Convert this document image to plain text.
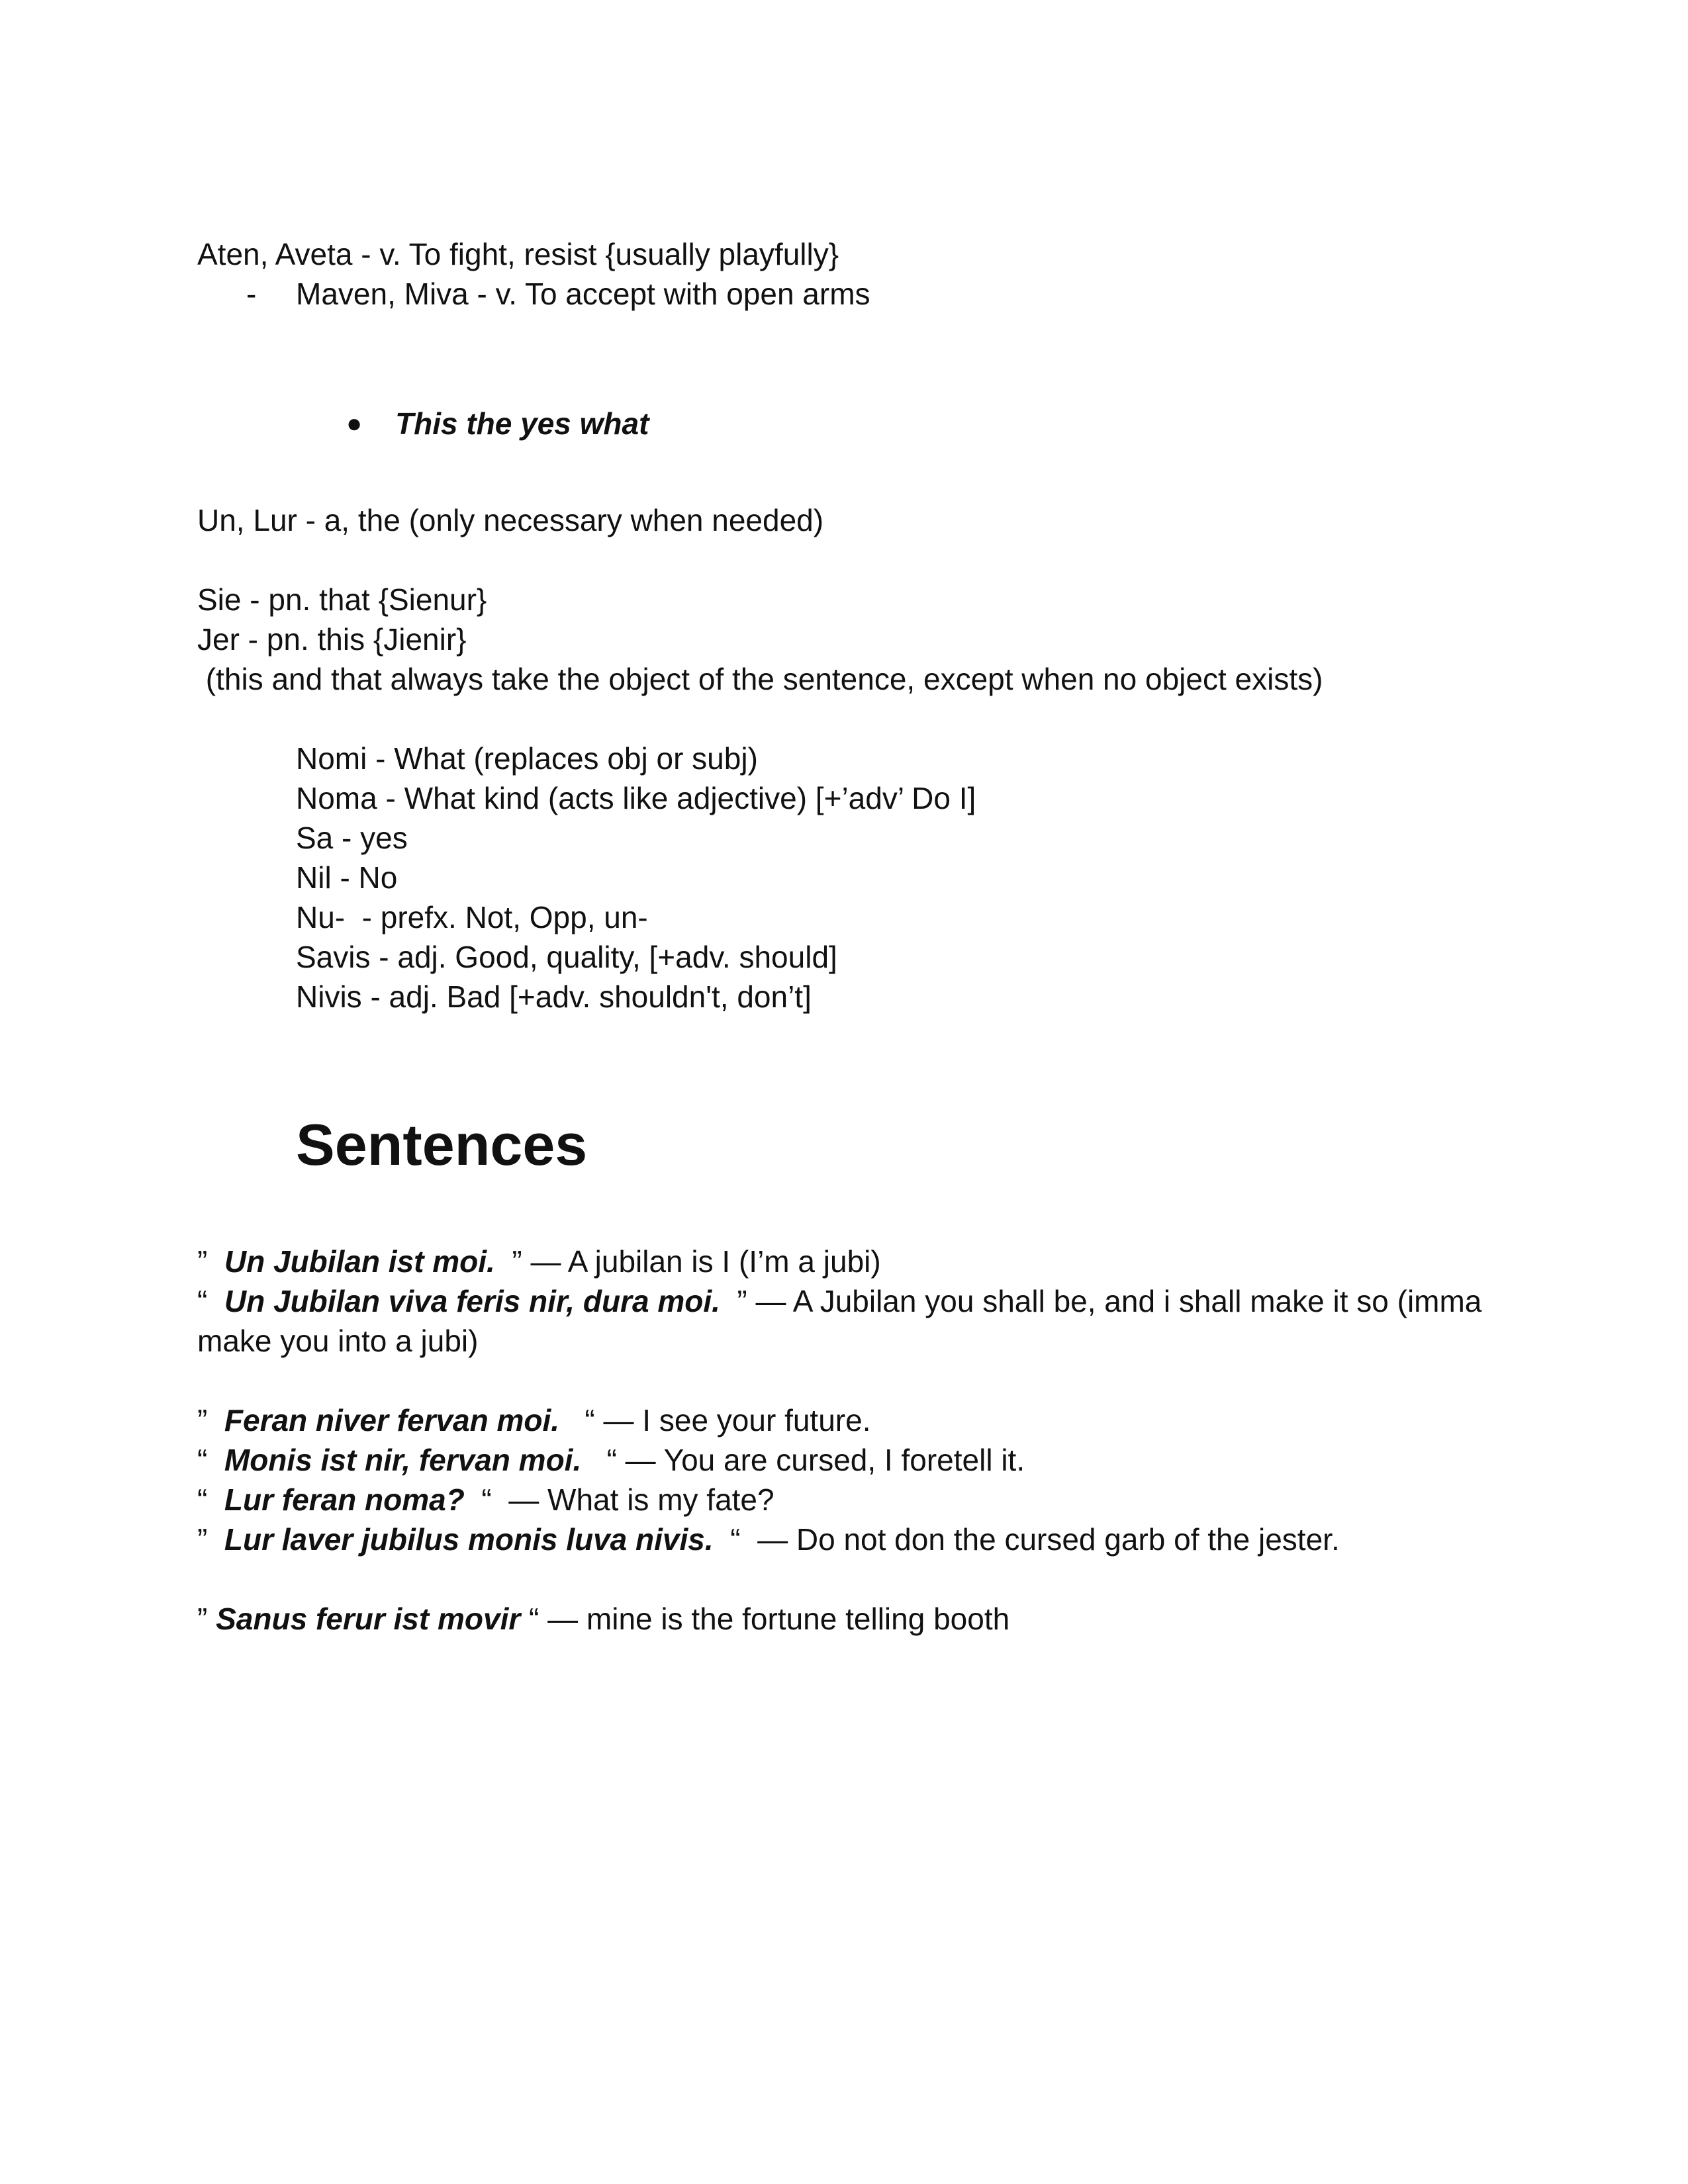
Aten, Aveta - v. To fight, resist {usually playfully}
- Maven, Miva - v. To accept with open arms
● This the yes what
Un, Lur - a, the (only necessary when needed)
Sie - pn. that {Sienur}
Jer - pn. this {Jienir}
(this and that always take the object of the sentence, except when no object exists)
Nomi - What (replaces obj or subj)
Noma - What kind (acts like adjective) [+’adv’ Do I]
Sa - yes
Nil - No
Nu-  - prefx. Not, Opp, un-
Savis - adj. Good, quality, [+adv. should]
Nivis - adj. Bad [+adv. shouldn't, don’t]
Sentences
”  Un Jubilan ist moi.  ” — A jubilan is I (I’m a jubi)
“  Un Jubilan viva feris nir, dura moi.  ” — A Jubilan you shall be, and i shall make it so (imma
make you into a jubi)
”  Feran niver fervan moi.   “ — I see your future.
“  Monis ist nir, fervan moi.   “ — You are cursed, I foretell it.
“  Lur feran noma?  “  — What is my fate?
”  Lur laver jubilus monis luva nivis.  “  — Do not don the cursed garb of the jester.
” Sanus ferur ist movir “ — mine is the fortune telling booth
